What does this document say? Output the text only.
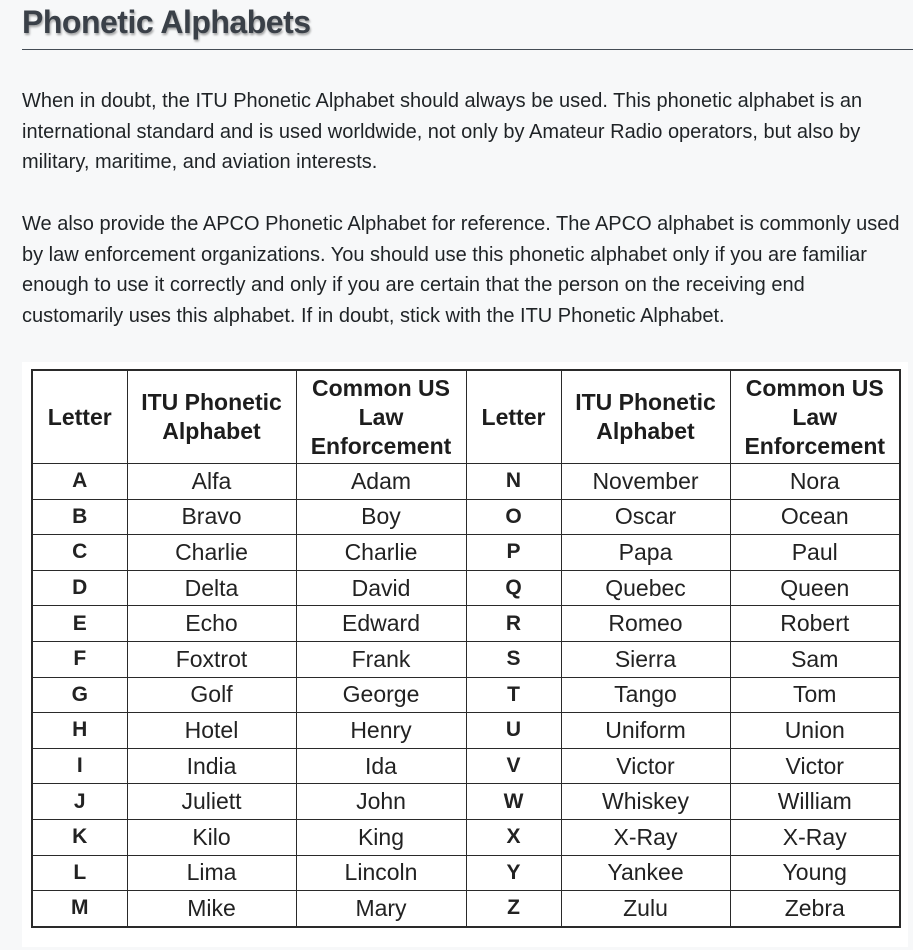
Phonetic Alphabets

When in doubt, the ITU Phonetic Alphabet should always be used. This phonetic alphabet is an international standard and is used worldwide, not only by Amateur Radio operators, but also by military, maritime, and aviation interests.

We also provide the APCO Phonetic Alphabet for reference. The APCO alphabet is commonly used by law enforcement organizations. You should use this phonetic alphabet only if you are familiar enough to use it correctly and only if you are certain that the person on the receiving end customarily uses this alphabet. If in doubt, stick with the ITU Phonetic Alphabet.

Letter	ITU Phonetic Alphabet	Common US Law Enforcement	Letter	ITU Phonetic Alphabet	Common US Law Enforcement
A	Alfa	Adam	N	November	Nora
B	Bravo	Boy	O	Oscar	Ocean
C	Charlie	Charlie	P	Papa	Paul
D	Delta	David	Q	Quebec	Queen
E	Echo	Edward	R	Romeo	Robert
F	Foxtrot	Frank	S	Sierra	Sam
G	Golf	George	T	Tango	Tom
H	Hotel	Henry	U	Uniform	Union
I	India	Ida	V	Victor	Victor
J	Juliett	John	W	Whiskey	William
K	Kilo	King	X	X-Ray	X-Ray
L	Lima	Lincoln	Y	Yankee	Young
M	Mike	Mary	Z	Zulu	Zebra
